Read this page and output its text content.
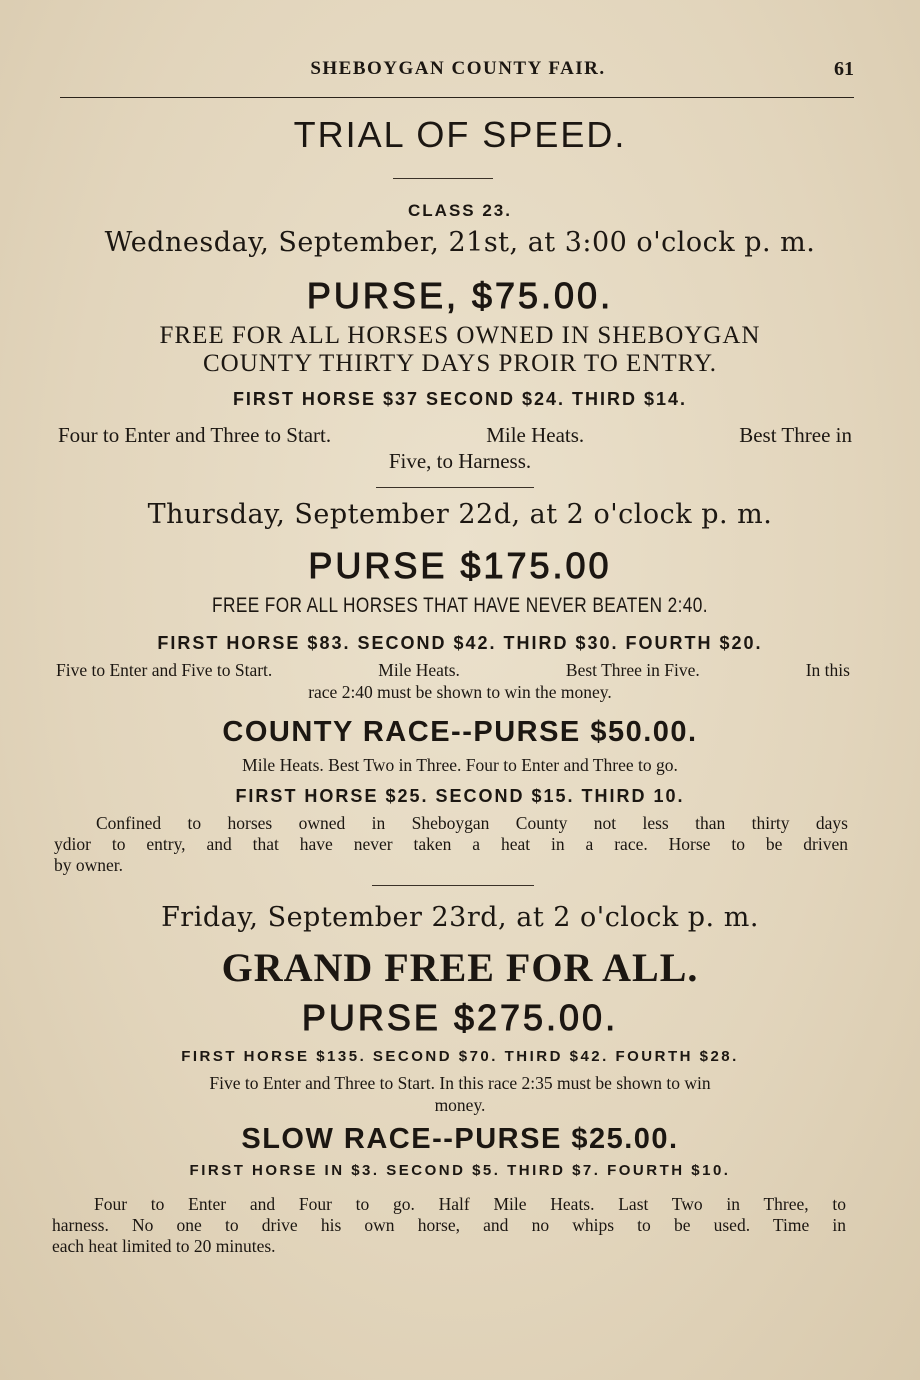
SHEBOYGAN COUNTY FAIR.	61
TRIAL OF SPEED.
CLASS 23.
Wednesday, September, 21st, at 3:00 o'clock p. m.
PURSE, $75.00.
FREE FOR ALL HORSES OWNED IN SHEBOYGAN
COUNTY THIRTY DAYS PROIR TO ENTRY.
FIRST HORSE $37 SECOND $24. THIRD $14.
Four to Enter and Three to Start.	Mile Heats.	Best Three in
Five, to Harness.
Thursday, September 22d, at 2 o'clock p. m.
PURSE $175.00
FREE FOR ALL HORSES THAT HAVE NEVER BEATEN 2:40.
FIRST HORSE $83. SECOND $42. THIRD $30. FOURTH $20.
Five to Enter and Five to Start.	Mile Heats.	Best Three in Five.	In this
race 2:40 must be shown to win the money.
COUNTY RACE--PURSE $50.00.
Mile Heats. Best Two in Three. Four to Enter and Three to go.
FIRST HORSE $25. SECOND $15. THIRD 10.
Confined to horses owned in Sheboygan County not less than thirty days
ydior to entry, and that have never taken a heat in a race. Horse to be driven
by owner.
Friday, September 23rd, at 2 o'clock p. m.
GRAND FREE FOR ALL.
PURSE $275.00.
FIRST HORSE $135. SECOND $70. THIRD $42. FOURTH $28.
Five to Enter and Three to Start. In this race 2:35 must be shown to win
money.
SLOW RACE--PURSE $25.00.
FIRST HORSE IN $3. SECOND $5. THIRD $7. FOURTH $10.
Four to Enter and Four to go. Half Mile Heats. Last Two in Three, to
harness. No one to drive his own horse, and no whips to be used. Time in
each heat limited to 20 minutes.
